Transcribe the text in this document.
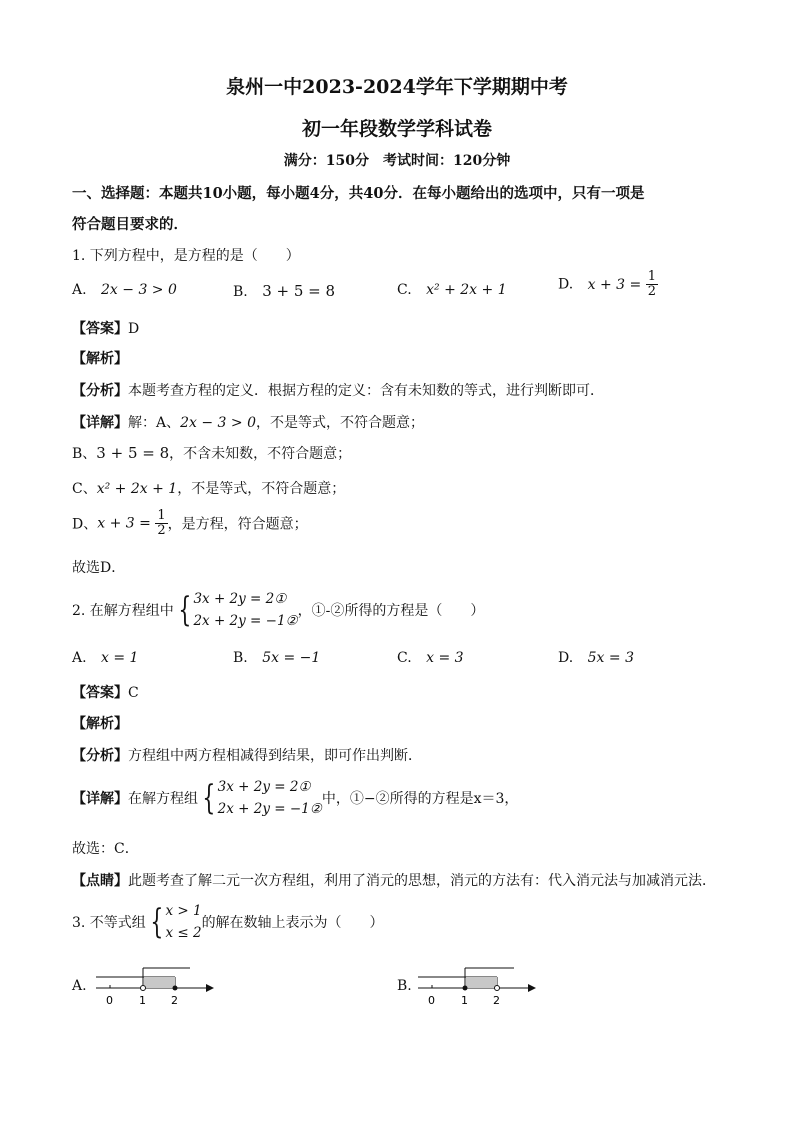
泉州一中2023-2024学年下学期期中考
初一年段数学学科试卷
满分：150分　考试时间：120分钟
一、选择题：本题共10小题，每小题4分，共40分．在每小题给出的选项中，只有一项是
符合题目要求的．
1. 下列方程中，是方程的是（　　）
A. 2x − 3 > 0	B. 3 + 5 = 8	C. x² + 2x + 1	D. $x + 3 = \frac{1}{2}$
【答案】D
【解析】
【分析】本题考查方程的定义．根据方程的定义：含有未知数的等式，进行判断即可．
【详解】解：A、2x − 3 > 0，不是等式，不符合题意；
B、3 + 5 = 8，不含未知数，不符合题意；
C、x² + 2x + 1，不是等式，不符合题意；
D、$x + 3 = \frac{1}{2}$ ，是方程，符合题意；
故选D．
2. 在解方程组中 { 3x + 2y = 2①
2x + 2y = −1②
，①-②所得的方程是（　　）
A. x = 1	B. 5x = −1	C. x = 3	D. 5x = 3
【答案】C
【解析】
【分析】方程组中两方程相减得到结果，即可作出判断．
【详解】在解方程组 { 3x + 2y = 2①
2x + 2y = −1②
中，①−②所得的方程是x＝3，
故选：C．
【点睛】此题考查了解二元一次方程组，利用了消元的思想，消元的方法有：代入消元法与加减消元法．
3. 不等式组 { x > 1
x ≤ 2
的解在数轴上表示为（　　）
A.
0 1 2
B.
0 1 2
